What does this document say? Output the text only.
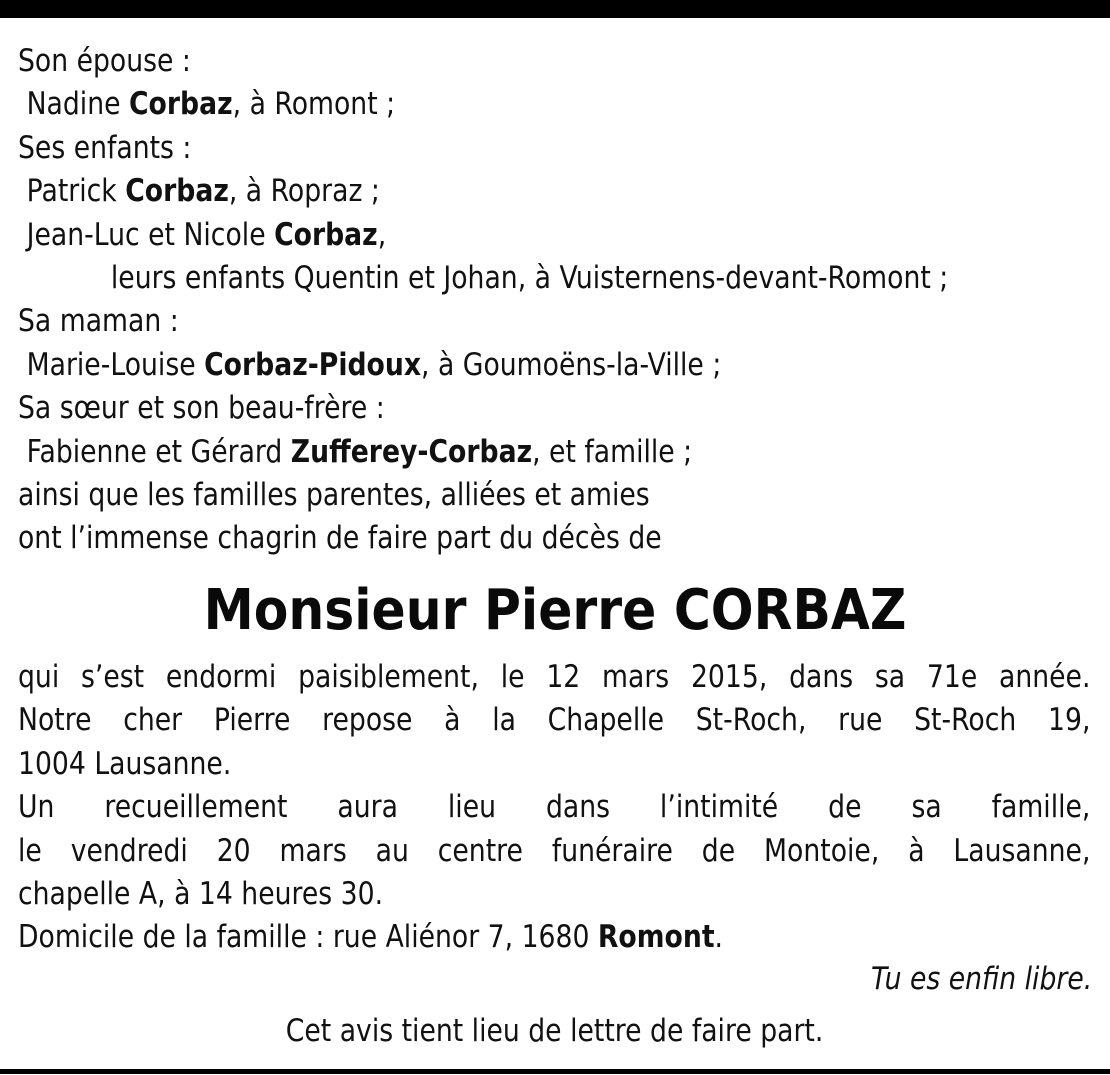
Son épouse :
Nadine Corbaz, à Romont ;
Ses enfants :
Patrick Corbaz, à Ropraz ;
Jean-Luc et Nicole Corbaz,
leurs enfants Quentin et Johan, à Vuisternens-devant-Romont ;
Sa maman :
Marie-Louise Corbaz-Pidoux, à Goumoëns-la-Ville ;
Sa sœur et son beau-frère :
Fabienne et Gérard Zufferey-Corbaz, et famille ;
ainsi que les familles parentes, alliées et amies
ont l’immense chagrin de faire part du décès de
Monsieur Pierre CORBAZ
qui s’est endormi paisiblement, le 12 mars 2015, dans sa 71e année.
Notre cher Pierre repose à la Chapelle St-Roch, rue St-Roch 19,
1004 Lausanne.
Un recueillement aura lieu dans l’intimité de sa famille,
le vendredi 20 mars au centre funéraire de Montoie, à Lausanne,
chapelle A, à 14 heures 30.
Domicile de la famille : rue Aliénor 7, 1680 Romont.
Tu es enfin libre.
Cet avis tient lieu de lettre de faire part.
